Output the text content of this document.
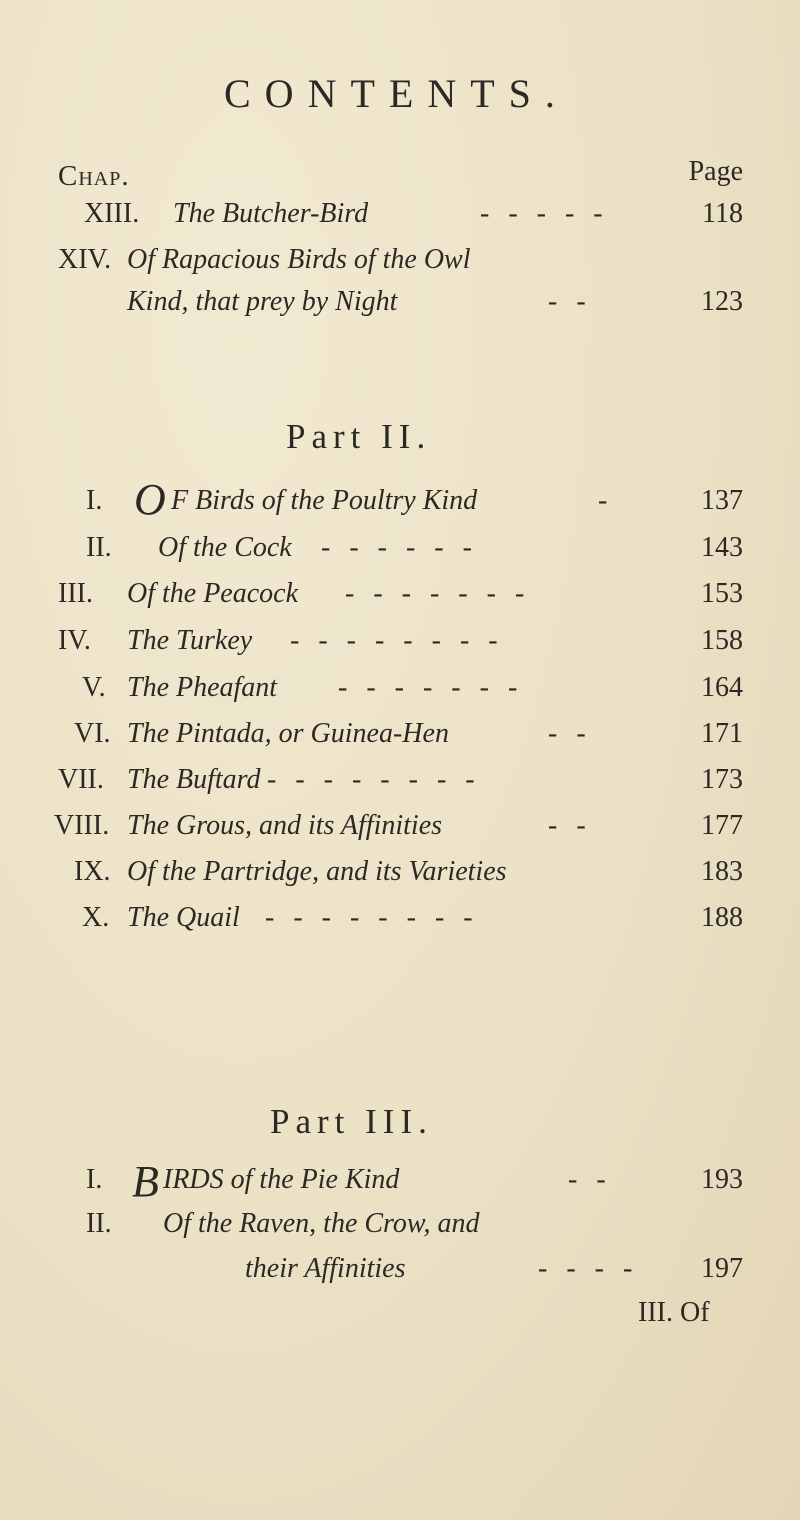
CONTENTS.
Chap.	Page
XIII. The Butcher-Bird	- - - - -	118
XIV. Of Rapacious Birds of the Owl
Kind, that prey by Night	- -	123
Part II.
I. O F Birds of the Poultry Kind	-	137
II. Of the Cock - - - - - -	143
III. Of the Peacock - - - - - - -	153
IV. The Turkey - - - - - - - -	158
V. The Pheafant - - - - - - -	164
VI. The Pintada, or Guinea-Hen	- -	171
VII. The Buftard - - - - - - - -	173
VIII. The Grous, and its Affinities	- -	177
IX. Of the Partridge, and its Varieties	183
X. The Quail - - - - - - - -	188
Part III.
I. B IRDS of the Pie Kind	- -	193
II. Of the Raven, the Crow, and
their Affinities	- - - - 197
III. Of
